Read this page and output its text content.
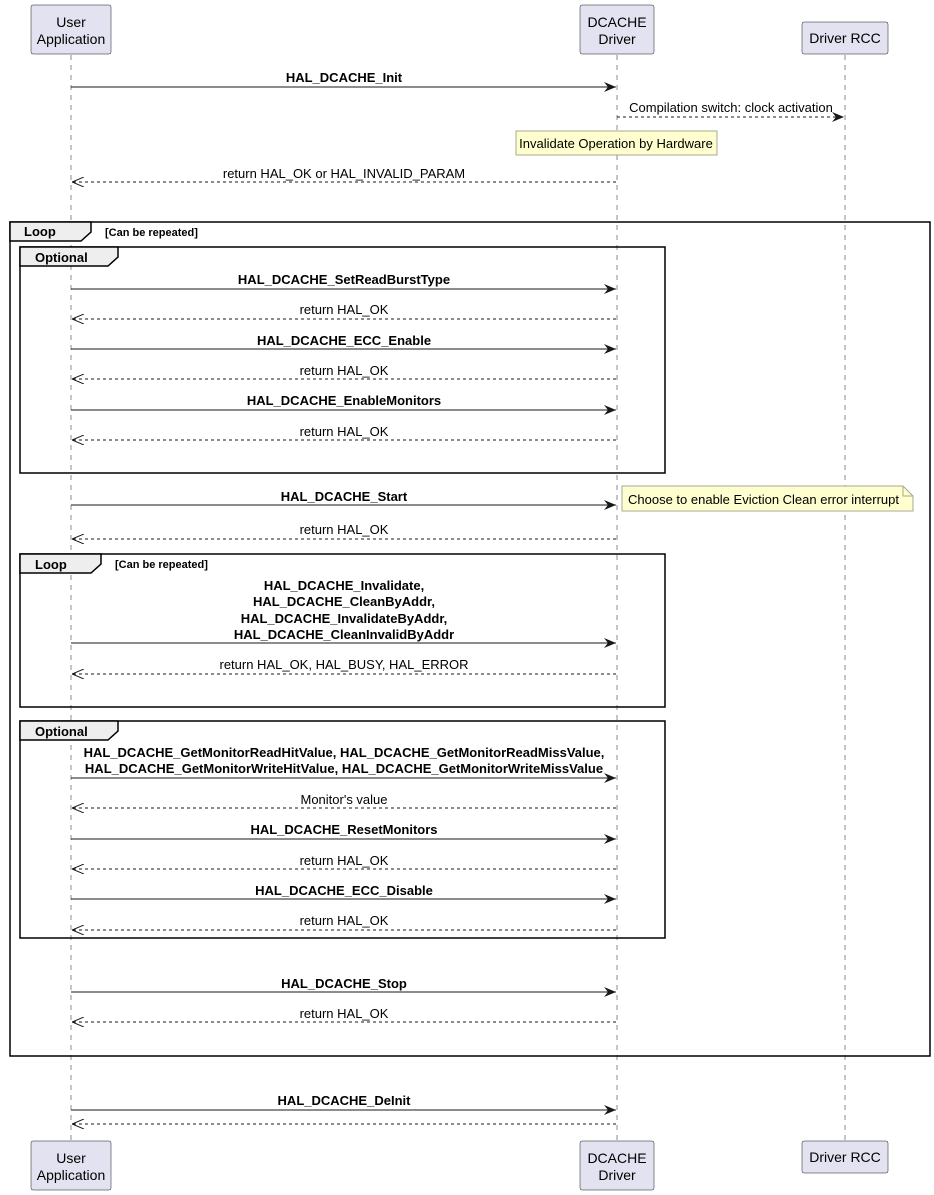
User
Application
DCACHE
Driver	Driver RCC
User
Application
DCACHE
Driver
Driver RCC
HAL_DCACHE_Init
Compilation switch: clock activation
Invalidate Operation by Hardware
return HAL_OK or HAL_INVALID_PARAM
Loop	[Can be repeated]
Optional
HAL_DCACHE_SetReadBurstType
return HAL_OK
HAL_DCACHE_ECC_Enable
return HAL_OK
HAL_DCACHE_EnableMonitors
return HAL_OK
HAL_DCACHE_Start	Choose to enable Eviction Clean error interrupt
return HAL_OK
Loop	[Can be repeated]
HAL_DCACHE_Invalidate,
HAL_DCACHE_CleanByAddr,
HAL_DCACHE_InvalidateByAddr,
HAL_DCACHE_CleanInvalidByAddr
return HAL_OK, HAL_BUSY, HAL_ERROR
Optional
HAL_DCACHE_GetMonitorReadHitValue, HAL_DCACHE_GetMonitorReadMissValue,
HAL_DCACHE_GetMonitorWriteHitValue, HAL_DCACHE_GetMonitorWriteMissValue
Monitor's value
HAL_DCACHE_ResetMonitors
return HAL_OK
HAL_DCACHE_ECC_Disable
return HAL_OK
HAL_DCACHE_Stop
return HAL_OK
HAL_DCACHE_DeInit
